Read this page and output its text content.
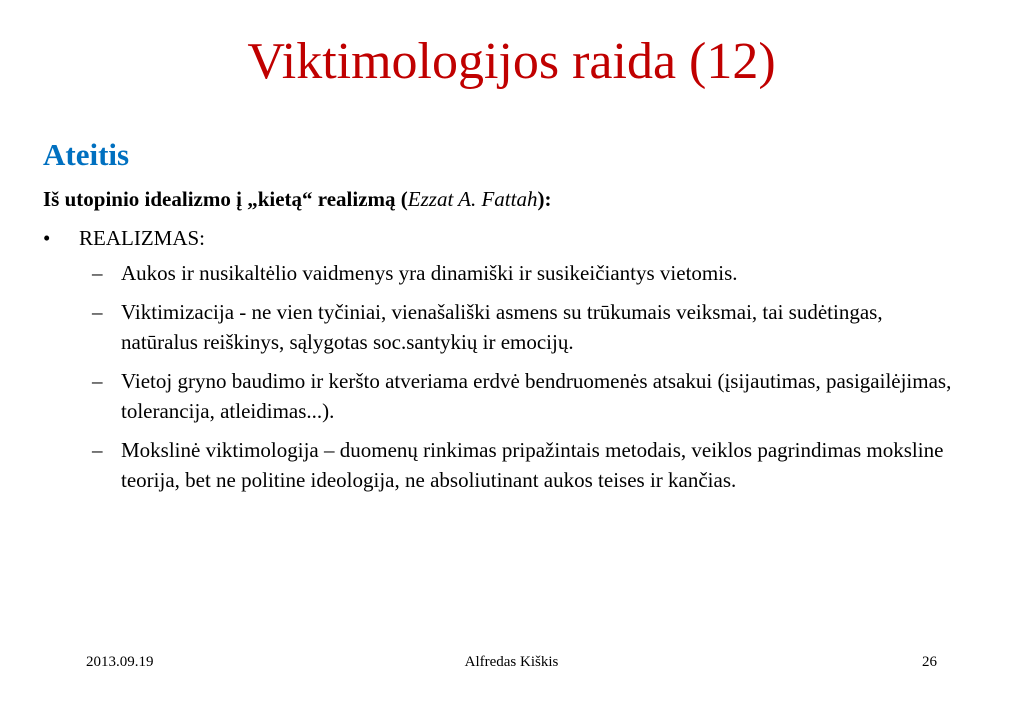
Viktimologijos raida (12)
Ateitis
Iš utopinio idealizmo į „kietą“ realizmą (Ezzat A. Fattah):
• REALIZMAS:
– Aukos ir nusikaltėlio vaidmenys yra dinamiški ir susikeičiantys vietomis.
– Viktimizacija - ne vien tyčiniai, vienašališki asmens su trūkumais veiksmai, tai sudėtingas, natūralus reiškinys, sąlygotas soc.santykių ir emocijų.
– Vietoj gryno baudimo ir keršto atveriama erdvė bendruomenės atsakui (įsijautimas, pasigailėjimas, tolerancija, atleidimas...).
– Mokslinė viktimologija – duomenų rinkimas pripažintais metodais, veiklos pagrindimas moksline teorija, bet ne politine ideologija, ne absoliutinant aukos teises ir kančias.
2013.09.19	Alfredas Kiškis	26
